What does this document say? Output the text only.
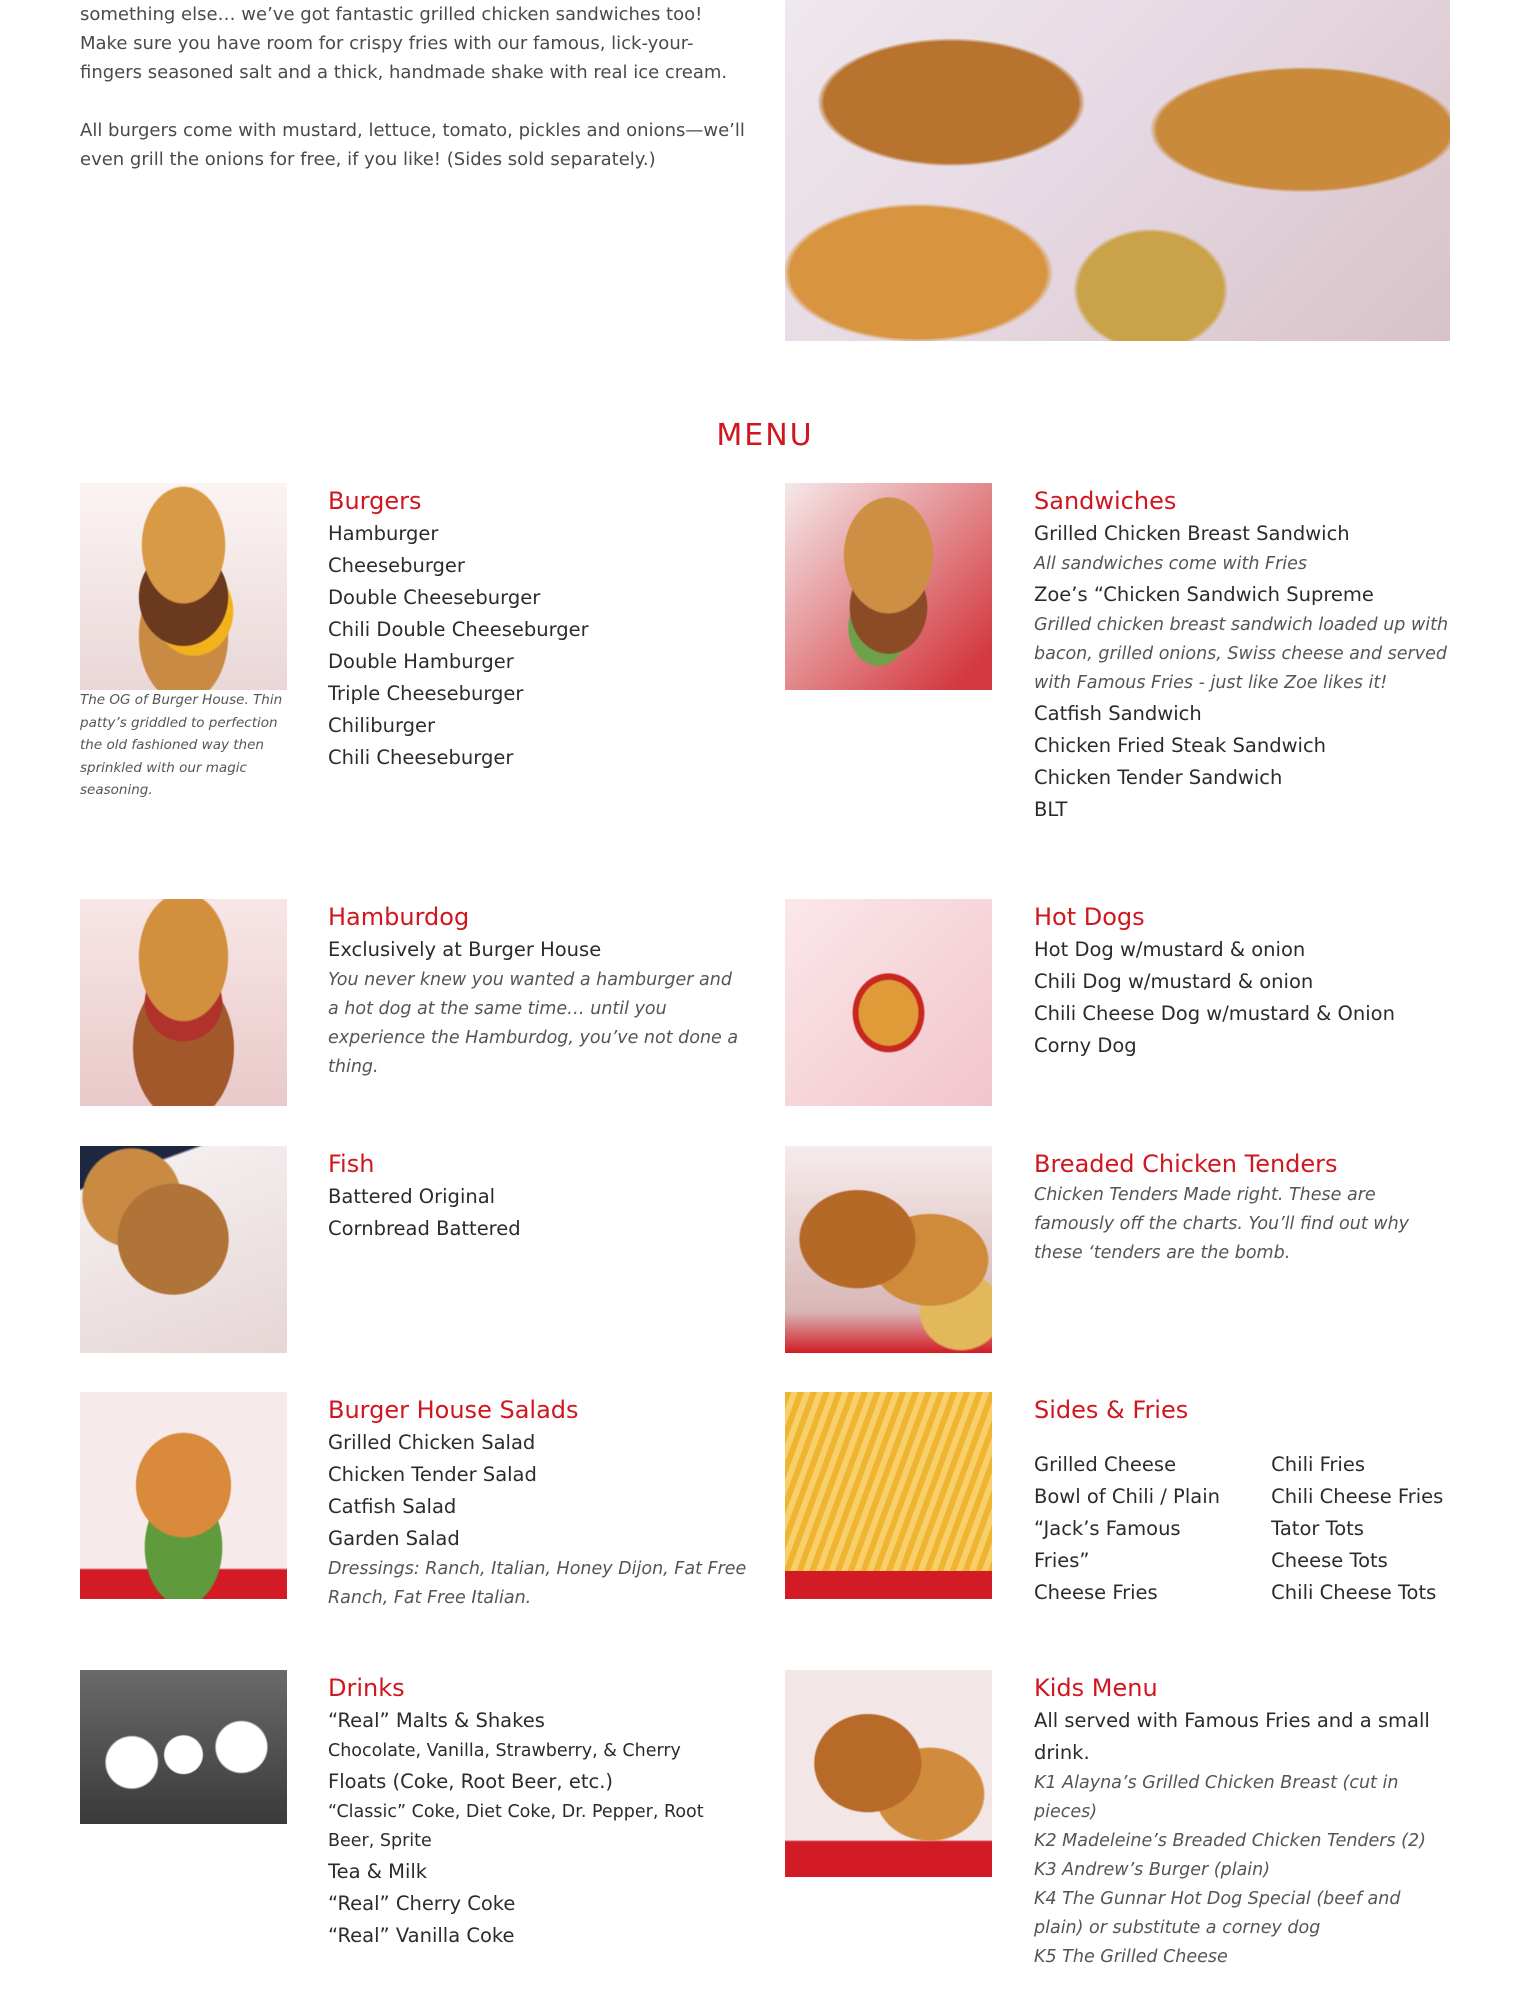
something else… we’ve got fantastic grilled chicken sandwiches too! Make sure you have room for crispy fries with our famous, lick-your-fingers seasoned salt and a thick, handmade shake with real ice cream.

All burgers come with mustard, lettuce, tomato, pickles and onions—we’ll even grill the onions for free, if you like! (Sides sold separately.)

MENU
The OG of Burger House. Thin patty’s griddled to perfection the old fashioned way then sprinkled with our magic seasoning.
Burgers
Hamburger
Cheeseburger
Double Cheeseburger
Chili Double Cheeseburger
Double Hamburger
Triple Cheeseburger
Chiliburger
Chili Cheeseburger
Sandwiches
Grilled Chicken Breast Sandwich
All sandwiches come with Fries
Zoe’s “Chicken Sandwich Supreme
Grilled chicken breast sandwich loaded up with bacon, grilled onions, Swiss cheese and served with Famous Fries - just like Zoe likes it!
Catfish Sandwich
Chicken Fried Steak Sandwich
Chicken Tender Sandwich
BLT
Hamburdog
Exclusively at Burger House
You never knew you wanted a hamburger and a hot dog at the same time… until you experience the Hamburdog, you’ve not done a thing.
Hot Dogs
Hot Dog w/mustard & onion
Chili Dog w/mustard & onion
Chili Cheese Dog w/mustard & Onion
Corny Dog
Fish
Battered Original
Cornbread Battered
Breaded Chicken Tenders
Chicken Tenders Made right. These are famously off the charts. You’ll find out why these ‘tenders are the bomb.
Burger House Salads
Grilled Chicken Salad
Chicken Tender Salad
Catfish Salad
Garden Salad
Dressings: Ranch, Italian, Honey Dijon, Fat Free Ranch, Fat Free Italian.
Sides & Fries
Grilled Cheese
Bowl of Chili / Plain
“Jack’s Famous Fries”
Cheese Fries
Chili Fries
Chili Cheese Fries
Tator Tots
Cheese Tots
Chili Cheese Tots
Drinks
“Real” Malts & Shakes
Chocolate, Vanilla, Strawberry, & Cherry
Floats (Coke, Root Beer, etc.)
“Classic” Coke, Diet Coke, Dr. Pepper, Root Beer, Sprite
Tea & Milk
“Real” Cherry Coke
“Real” Vanilla Coke
Kids Menu
All served with Famous Fries and a small drink.
K1 Alayna’s Grilled Chicken Breast (cut in pieces)
K2 Madeleine’s Breaded Chicken Tenders (2)
K3 Andrew’s Burger (plain)
K4 The Gunnar Hot Dog Special (beef and plain) or substitute a corney dog
K5 The Grilled Cheese
